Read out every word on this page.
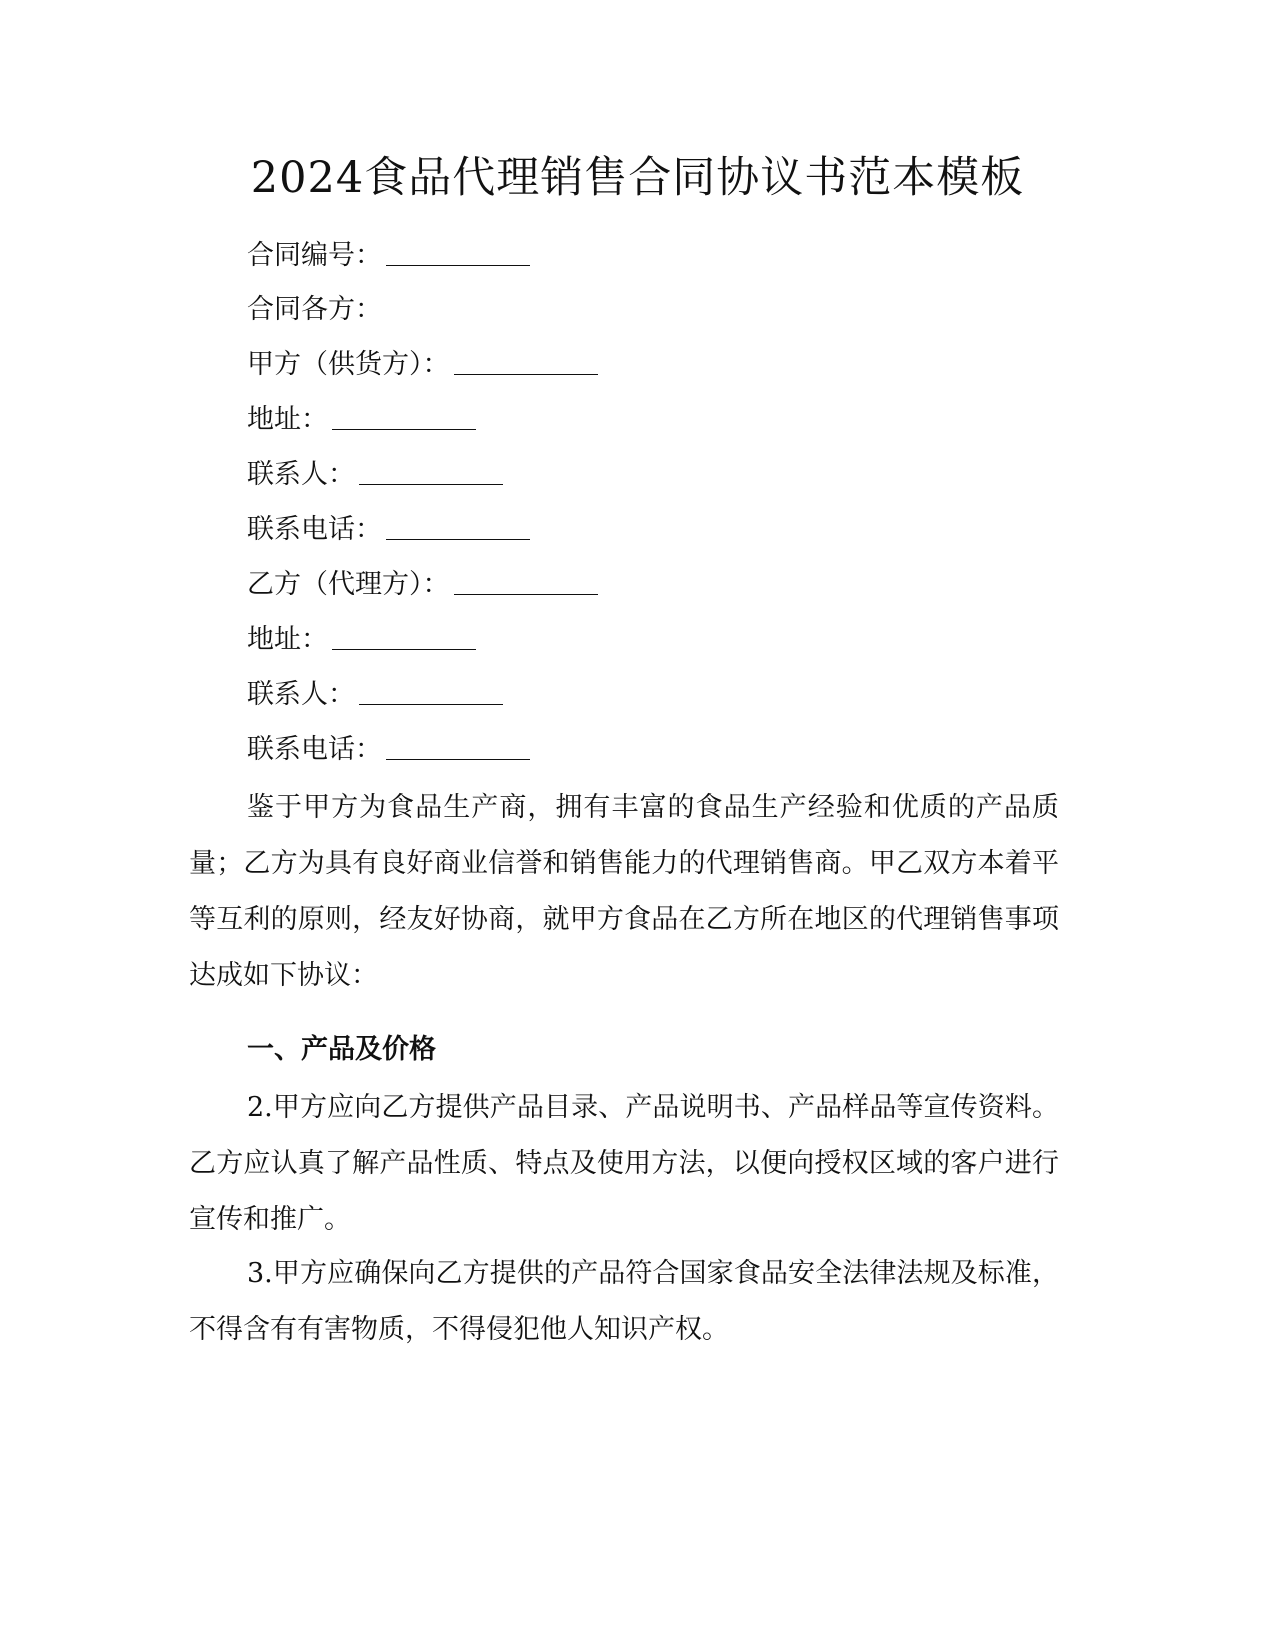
2024食品代理销售合同协议书范本模板
合同编号：
合同各方：
甲方（供货方）：
地址：
联系人：
联系电话：
乙方（代理方）：
地址：
联系人：
联系电话：

鉴于甲方为食品生产商，拥有丰富的食品生产经验和优质的产品质量；乙方为具有良好商业信誉和销售能力的代理销售商。甲乙双方本着平等互利的原则，经友好协商，就甲方食品在乙方所在地区的代理销售事项达成如下协议：

一、产品及价格

2.甲方应向乙方提供产品目录、产品说明书、产品样品等宣传资料。乙方应认真了解产品性质、特点及使用方法，以便向授权区域的客户进行宣传和推广。

3.甲方应确保向乙方提供的产品符合国家食品安全法律法规及标准，不得含有有害物质，不得侵犯他人知识产权。
